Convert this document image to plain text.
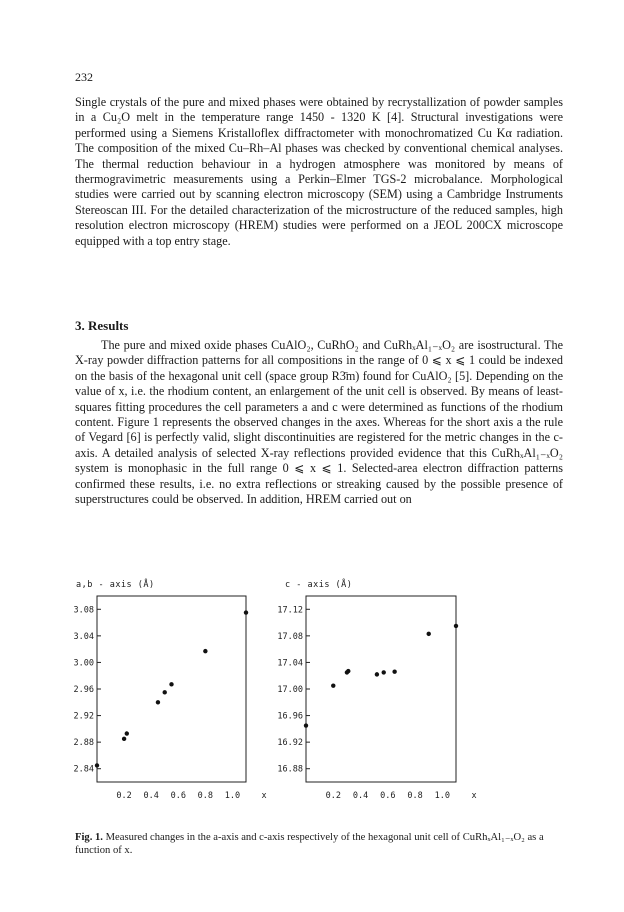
232

Single crystals of the pure and mixed phases were obtained by recrystallization of powder samples in a Cu₂O melt in the temperature range 1450 - 1320 K [4]. Structural investigations were performed using a Siemens Kristalloflex diffractometer with monochromatized Cu Kα radiation. The composition of the mixed Cu–Rh–Al phases was checked by conventional chemical analyses. The thermal reduction behaviour in a hydrogen atmosphere was monitored by means of thermogravimetric measurements using a Perkin–Elmer TGS-2 microbalance. Morphological studies were carried out by scanning electron microscopy (SEM) using a Cambridge Instruments Stereoscan III. For the detailed characterization of the microstructure of the reduced samples, high resolution electron microscopy (HREM) studies were performed on a JEOL 200CX microscope equipped with a top entry stage.

3. Results

The pure and mixed oxide phases CuAlO₂, CuRhO₂ and CuRhₓAl₁₋ₓO₂ are isostructural. The X-ray powder diffraction patterns for all compositions in the range of 0 ⩽ x ⩽ 1 could be indexed on the basis of the hexagonal unit cell (space group R3̄m) found for CuAlO₂ [5]. Depending on the value of x, i.e. the rhodium content, an enlargement of the unit cell is observed. By means of least-squares fitting procedures the cell parameters a and c were determined as functions of the rhodium content. Figure 1 represents the observed changes in the axes. Whereas for the short axis a the rule of Vegard [6] is perfectly valid, slight discontinuities are registered for the metric changes in the c-axis. A detailed analysis of selected X-ray reflections provided evidence that this CuRhₓAl₁₋ₓO₂ system is monophasic in the full range 0 ⩽ x ⩽ 1. Selected-area electron diffraction patterns confirmed these results, i.e. no extra reflections or streaking caused by the possible presence of superstructures could be observed. In addition, HREM carried out on

a,b - axis (Å)	c - axis (Å)
3.08
3.04
3.00
2.96
2.92
2.88
2.84
0.2 0.4 0.6 0.8 1.0	x
17.12
17.08
17.04
17.00
16.96
16.92
16.88
0.2 0.4 0.6 0.8 1.0	x

Fig. 1. Measured changes in the a-axis and c-axis respectively of the hexagonal unit cell of CuRhₓAl₁₋ₓO₂ as a function of x.
